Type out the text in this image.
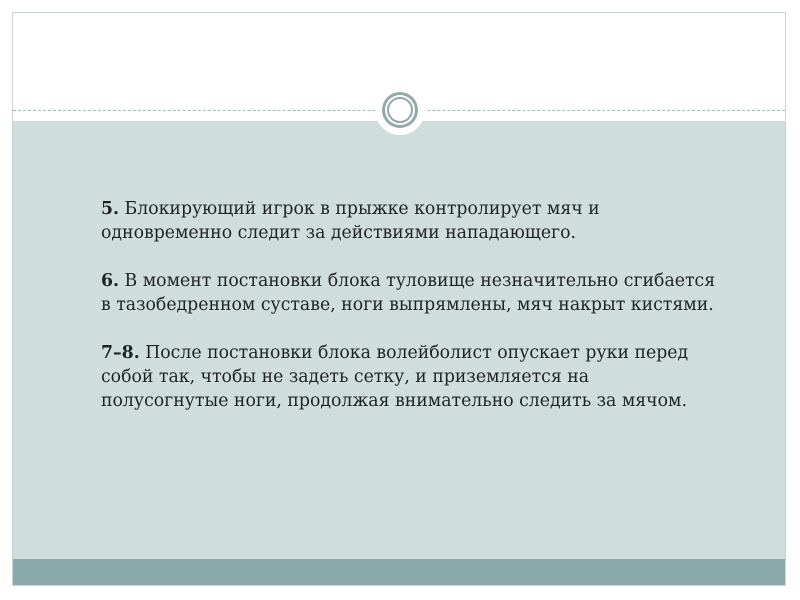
5. Блокирующий игрок в прыжке контролирует мяч и одновременно следит за действиями нападающего.

6. В момент постановки блока туловище незначительно сгибается в тазобедренном суставе, ноги выпрямлены, мяч накрыт кистями.

7–8. После постановки блока волейболист опускает руки перед собой так, чтобы не задеть сетку, и приземляется на полусогнутые ноги, продолжая внимательно следить за мячом.
